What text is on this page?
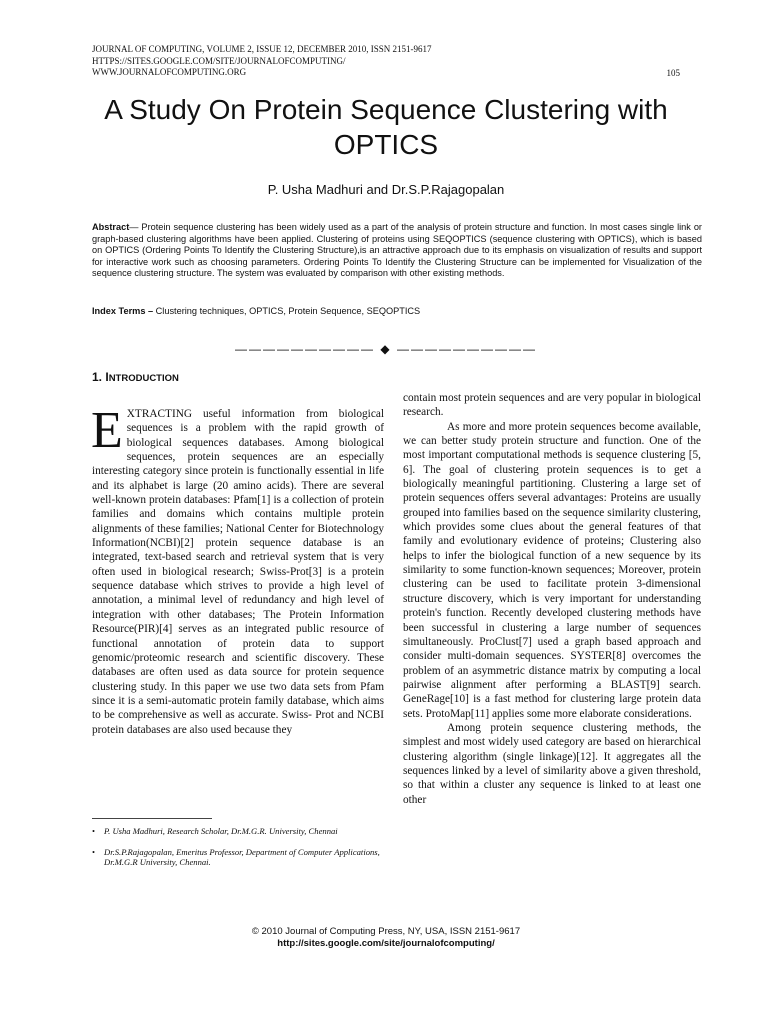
JOURNAL OF COMPUTING, VOLUME 2, ISSUE 12, DECEMBER 2010, ISSN 2151-9617
HTTPS://SITES.GOOGLE.COM/SITE/JOURNALOFCOMPUTING/
WWW.JOURNALOFCOMPUTING.ORG	105
A Study On Protein Sequence Clustering with OPTICS
P. Usha Madhuri and Dr.S.P.Rajagopalan
Abstract— Protein sequence clustering has been widely used as a part of the analysis of protein structure and function. In most cases single link or graph-based clustering algorithms have been applied. Clustering of proteins using SEQOPTICS (sequence clustering with OPTICS), which is based on OPTICS (Ordering Points To Identify the Clustering Structure),is an attractive approach due to its emphasis on visualization of results and support for interactive work such as choosing parameters. Ordering Points To Identify the Clustering Structure can be implemented for Visualization of the sequence clustering structure. The system was evaluated by comparison with other existing methods.
Index Terms – Clustering techniques, OPTICS, Protein Sequence, SEQOPTICS
—————————— ◆ ——————————
1. INTRODUCTION

EXTRACTING useful information from biological sequences is a problem with the rapid growth of biological sequences databases. Among biological sequences, protein sequences are an especially interesting category since protein is functionally essential in life and its alphabet is large (20 amino acids). There are several well-known protein databases: Pfam[1] is a collection of protein families and domains which contains multiple protein alignments of these families; National Center for Biotechnology Information(NCBI)[2] protein sequence database is an integrated, text-based search and retrieval system that is very often used in biological research; Swiss-Prot[3] is a protein sequence database which strives to provide a high level of annotation, a minimal level of redundancy and high level of integration with other databases; The Protein Information Resource(PIR)[4] serves as an integrated public resource of functional annotation of protein data to support genomic/proteomic research and scientific discovery. These databases are often used as data source for protein sequence clustering study. In this paper we use two data sets from Pfam since it is a semi-automatic protein family database, which aims to be comprehensive as well as accurate. Swiss- Prot and NCBI protein databases are also used because they

•	P. Usha Madhuri, Research Scholar, Dr.M.G.R. University, Chennai
•	Dr.S.P.Rajagopalan, Emeritus Professor, Department of Computer Applications, Dr.M.G.R University, Chennai.

contain most protein sequences and are very popular in biological research.

As more and more protein sequences become available, we can better study protein structure and function. One of the most important computational methods is sequence clustering [5, 6]. The goal of clustering protein sequences is to get a biologically meaningful partitioning. Clustering a large set of protein sequences offers several advantages: Proteins are usually grouped into families based on the sequence similarity clustering, which provides some clues about the general features of that family and evolutionary evidence of proteins; Clustering also helps to infer the biological function of a new sequence by its similarity to some function-known sequences; Moreover, protein clustering can be used to facilitate protein 3-dimensional structure discovery, which is very important for understanding protein's function. Recently developed clustering methods have been successful in clustering a large number of sequences simultaneously. ProClust[7] used a graph based approach and consider multi-domain sequences. SYSTER[8] overcomes the problem of an asymmetric distance matrix by computing a local pairwise alignment after performing a BLAST[9] search. GeneRage[10] is a fast method for clustering large protein data sets. ProtoMap[11] applies some more elaborate considerations.

Among protein sequence clustering methods, the simplest and most widely used category are based on hierarchical clustering algorithm (single linkage)[12]. It aggregates all the sequences linked by a level of similarity above a given threshold, so that within a cluster any sequence is linked to at least one other

© 2010 Journal of Computing Press, NY, USA, ISSN 2151-9617
http://sites.google.com/site/journalofcomputing/
